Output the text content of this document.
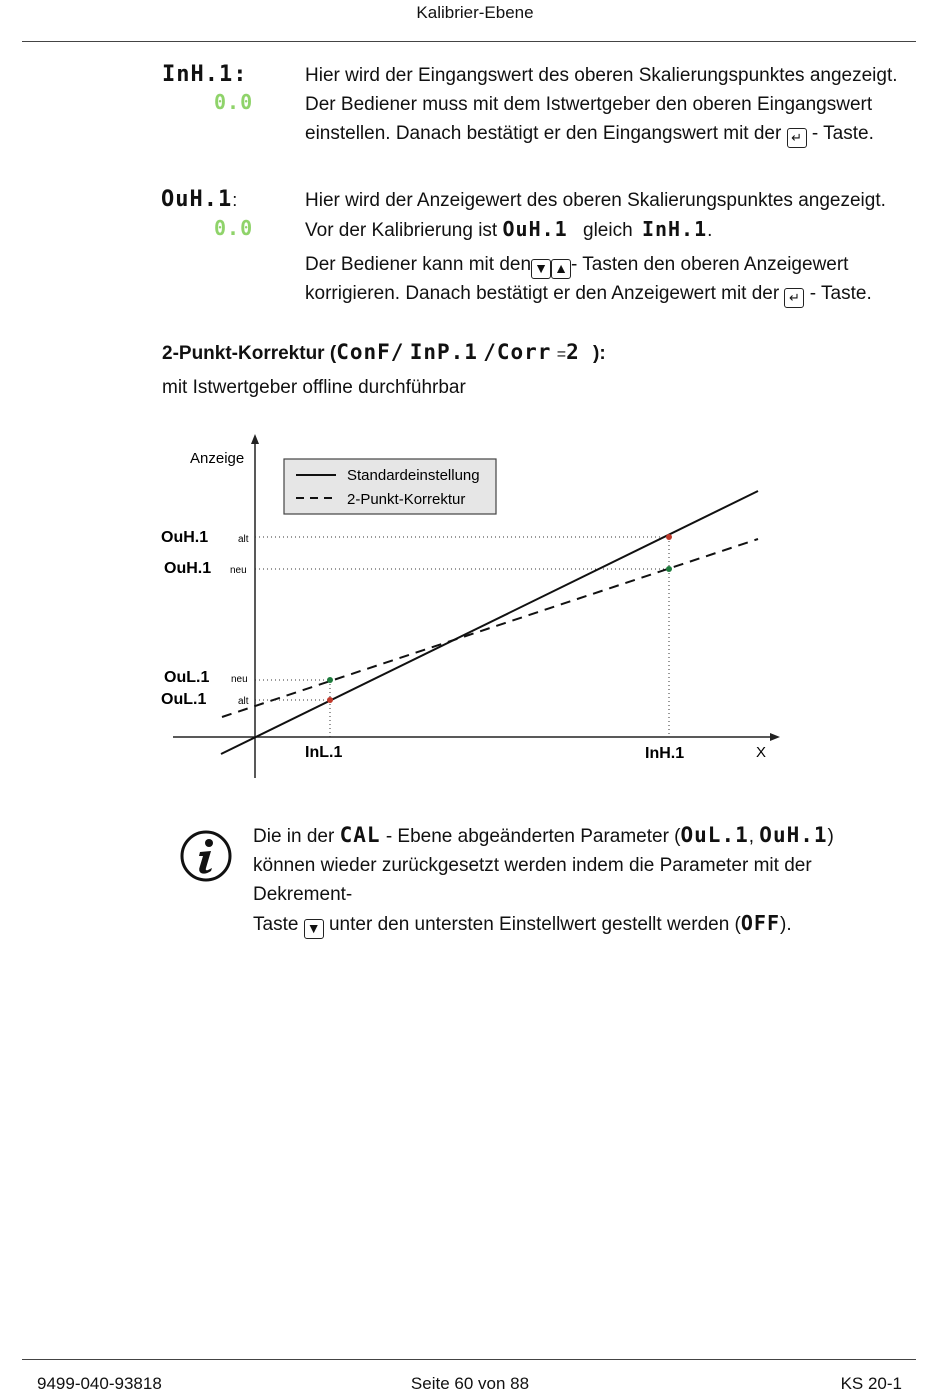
Kalibrier-Ebene
InH.1:
0.0
Hier wird der Eingangswert des oberen Skalierungspunktes angezeigt.
Der Bediener muss mit dem Istwertgeber den oberen Eingangswert
einstellen. Danach bestätigt er den Eingangswert mit der ↵ - Taste.
OuH.1:
0.0
Hier wird der Anzeigewert des oberen Skalierungspunktes angezeigt.
Vor der Kalibrierung ist OuH.1 gleich InH.1.
Der Bediener kann mit den ▼ ▲ - Tasten den oberen Anzeigewert
korrigieren. Danach bestätigt er den Anzeigewert mit der ↵ - Taste.
2-Punkt-Korrektur (ConF/ InP.1 /Corr =2 ):
mit Istwertgeber offline durchführbar
Anzeige
X
Standardeinstellung
2-Punkt-Korrektur
OuH.1	alt
OuH.1 neu
OuL.1 neu
OuL.1	alt
InL.1	InH.1
Die in der CAL - Ebene abgeänderten Parameter (OuL.1, OuH.1)
können wieder zurückgesetzt werden indem die Parameter mit der Dekrement-
Taste ▼ unter den untersten Einstellwert gestellt werden (OFF).
9499-040-93818	Seite 60 von 88	KS 20-1
